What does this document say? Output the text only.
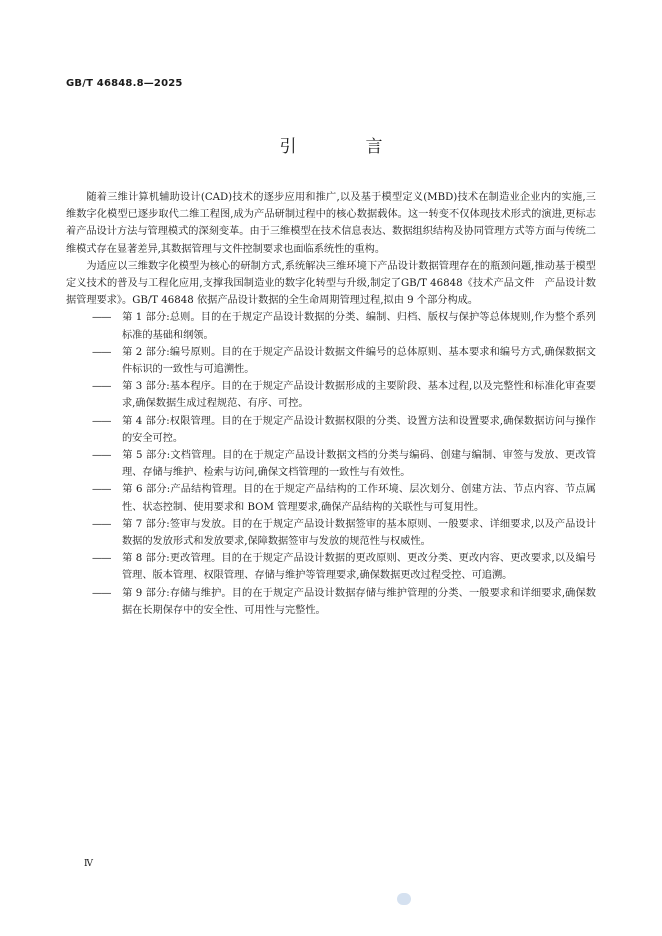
GB/T 46848.8—2025
引　言

随着三维计算机辅助设计(CAD)技术的逐步应用和推广,以及基于模型定义(MBD)技术在制造业企业内的实施,三维数字化模型已逐步取代二维工程图,成为产品研制过程中的核心数据载体。这一转变不仅体现技术形式的演进,更标志着产品设计方法与管理模式的深刻变革。由于三维模型在技术信息表达、数据组织结构及协同管理方式等方面与传统二维模式存在显著差异,其数据管理与文件控制要求也面临系统性的重构。

为适应以三维数字化模型为核心的研制方式,系统解决三维环境下产品设计数据管理存在的瓶颈问题,推动基于模型定义技术的普及与工程化应用,支撑我国制造业的数字化转型与升级,制定了GB/T 46848《技术产品文件　产品设计数据管理要求》。GB/T 46848 依据产品设计数据的全生命周期管理过程,拟由 9 个部分构成。

—— 第 1 部分:总则。目的在于规定产品设计数据的分类、编制、归档、版权与保护等总体规则,作为整个系列标准的基础和纲领。
—— 第 2 部分:编号原则。目的在于规定产品设计数据文件编号的总体原则、基本要求和编号方式,确保数据文件标识的一致性与可追溯性。
—— 第 3 部分:基本程序。目的在于规定产品设计数据形成的主要阶段、基本过程,以及完整性和标准化审查要求,确保数据生成过程规范、有序、可控。
—— 第 4 部分:权限管理。目的在于规定产品设计数据权限的分类、设置方法和设置要求,确保数据访问与操作的安全可控。
—— 第 5 部分:文档管理。目的在于规定产品设计数据文档的分类与编码、创建与编制、审签与发放、更改管理、存储与维护、检索与访问,确保文档管理的一致性与有效性。
—— 第 6 部分:产品结构管理。目的在于规定产品结构的工作环境、层次划分、创建方法、节点内容、节点属性、状态控制、使用要求和 BOM 管理要求,确保产品结构的关联性与可复用性。
—— 第 7 部分:签审与发放。目的在于规定产品设计数据签审的基本原则、一般要求、详细要求,以及产品设计数据的发放形式和发放要求,保障数据签审与发放的规范性与权威性。
—— 第 8 部分:更改管理。目的在于规定产品设计数据的更改原则、更改分类、更改内容、更改要求,以及编号管理、版本管理、权限管理、存储与维护等管理要求,确保数据更改过程受控、可追溯。
—— 第 9 部分:存储与维护。目的在于规定产品设计数据存储与维护管理的分类、一般要求和详细要求,确保数据在长期保存中的安全性、可用性与完整性。
Ⅳ
